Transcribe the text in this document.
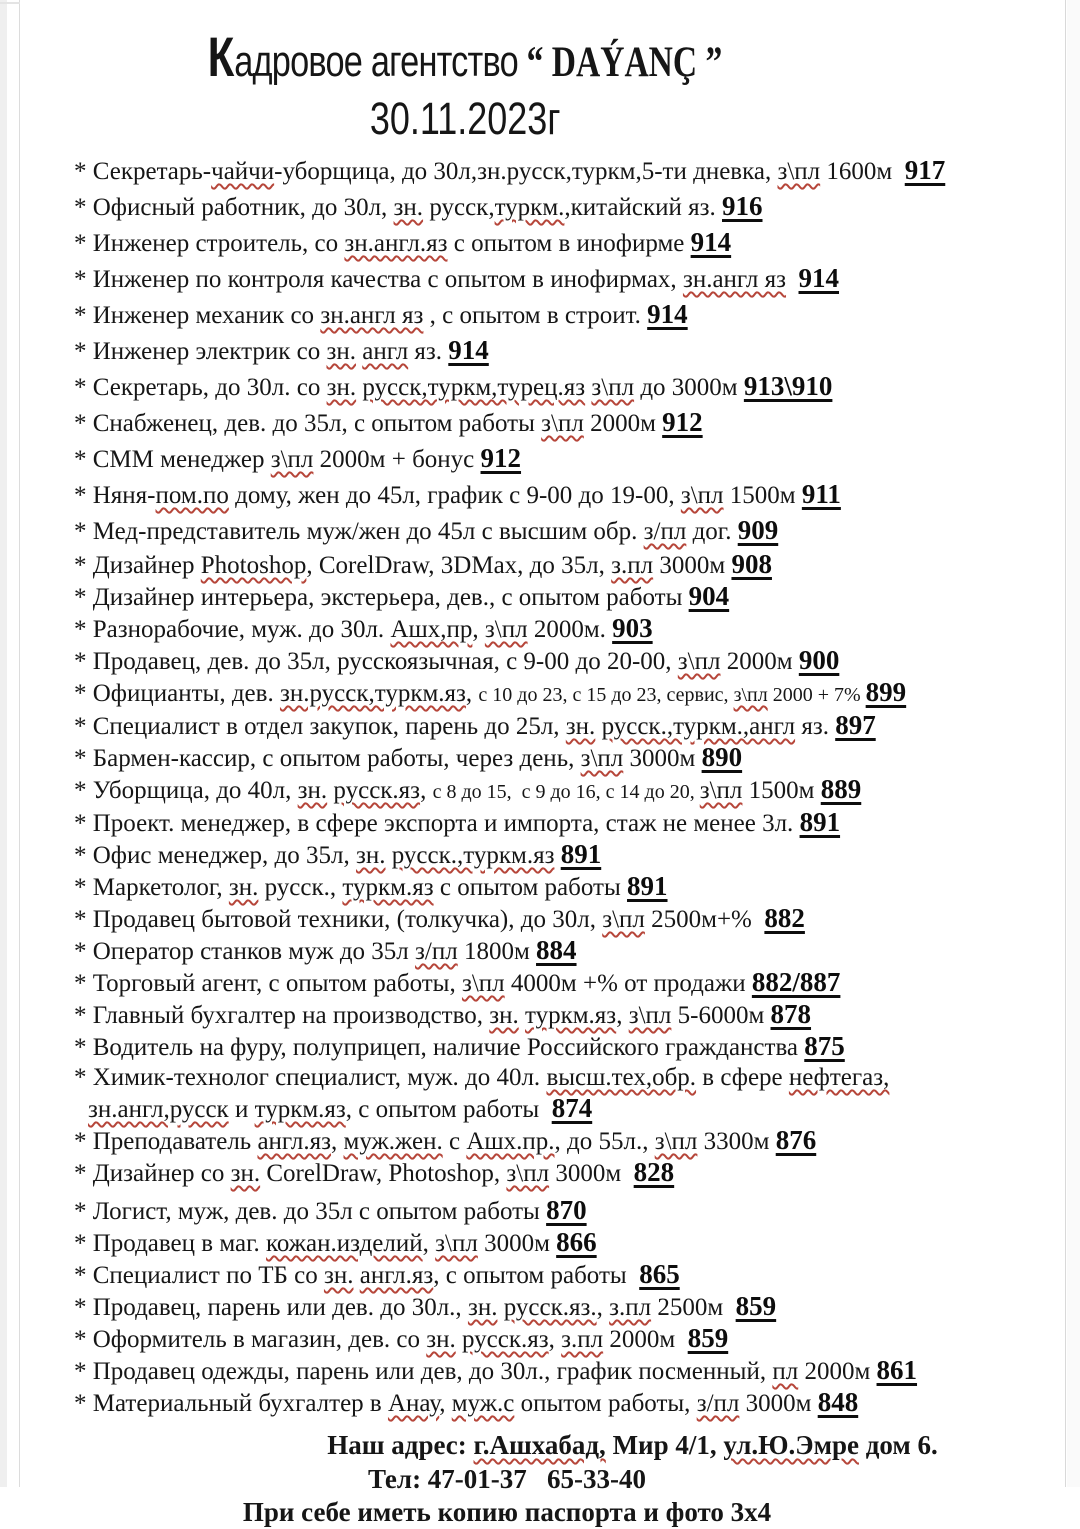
Кадровое агентство “ DAÝANÇ ”
30.11.2023г
* Секретарь-чайчи-уборщица, до 30л,зн.русск,туркм,5-ти дневка, з\пл 1600м  917
* Офисный работник, до 30л, зн. русск,туркм.,китайский яз. 916
* Инженер строитель, со зн.англ.яз с опытом в инофирме 914
* Инженер по контроля качества с опытом в инофирмах, зн.англ яз 914
* Инженер механик со зн.англ яз , с опытом в строит. 914
* Инженер электрик со зн. англ яз. 914
* Секретарь, до 30л. со зн. русск,туркм,турец.яз з\пл до 3000м 913\910
* Снабженец, дев. до 35л, с опытом работы з\пл 2000м 912
* СММ менеджер з\пл 2000м + бонус 912
* Няня-пом.по дому, жен до 45л, график с 9-00 до 19-00, з\пл 1500м 911
* Мед-представитель муж/жен до 45л с высшим обр. з/пл дог. 909
* Дизайнер Photoshop, CorelDraw, 3DMax, до 35л, з.пл 3000м 908
* Дизайнер интерьера, экстерьера, дев., с опытом работы 904
* Разнорабочие, муж. до 30л. Ашх,пр, з\пл 2000м. 903
* Продавец, дев. до 35л, русскоязычная, с 9-00 до 20-00, з\пл 2000м 900
* Официанты, дев. зн.русск,туркм.яз, с 10 до 23, с 15 до 23, сервис, з\пл 2000 + 7% 899
* Специалист в отдел закупок, парень до 25л, зн. русск.,туркм.,англ яз. 897
* Бармен-кассир, с опытом работы, через день, з\пл 3000м 890
* Уборщица, до 40л, зн. русск.яз, с 8 до 15,  с 9 до 16, с 14 до 20, з\пл 1500м 889
* Проект. менеджер, в сфере экспорта и импорта, стаж не менее 3л. 891
* Офис менеджер, до 35л, зн. русск.,туркм.яз 891
* Маркетолог, зн. русск., туркм.яз с опытом работы 891
* Продавец бытовой техники, (толкучка), до 30л, з\пл 2500м+%  882
* Оператор станков муж до 35л з/пл 1800м 884
* Торговый агент, с опытом работы, з\пл 4000м +% от продажи 882/887
* Главный бухгалтер на производство, зн. туркм.яз, з\пл 5-6000м 878
* Водитель на фуру, полуприцеп, наличие Российского гражданства 875
* Химик-технолог специалист, муж. до 40л. высш.тех,обр. в сфере нефтегаз,
зн.англ,русск и туркм.яз, с опытом работы  874
* Преподаватель англ.яз, муж.жен. с Ашх.пр., до 55л., з\пл 3300м 876
* Дизайнер со зн. CorelDraw, Photoshop, з\пл 3000м  828
* Логист, муж, дев. до 35л с опытом работы 870
* Продавец в маг. кожан.изделий, з\пл 3000м 866
* Специалист по ТБ со зн. англ.яз, с опытом работы  865
* Продавец, парень или дев. до 30л., зн. русск.яз., з.пл 2500м  859
* Оформитель в магазин, дев. со зн. русск.яз, з.пл 2000м  859
* Продавец одежды, парень или дев, до 30л., график посменный, пл 2000м 861
* Материальный бухгалтер в Анау, муж.с опытом работы, з/пл 3000м 848
Наш адрес: г.Ашхабад, Мир 4/1, ул.Ю.Эмре дом 6.
Тел: 47-01-37   65-33-40
При себе иметь копию паспорта и фото 3х4
